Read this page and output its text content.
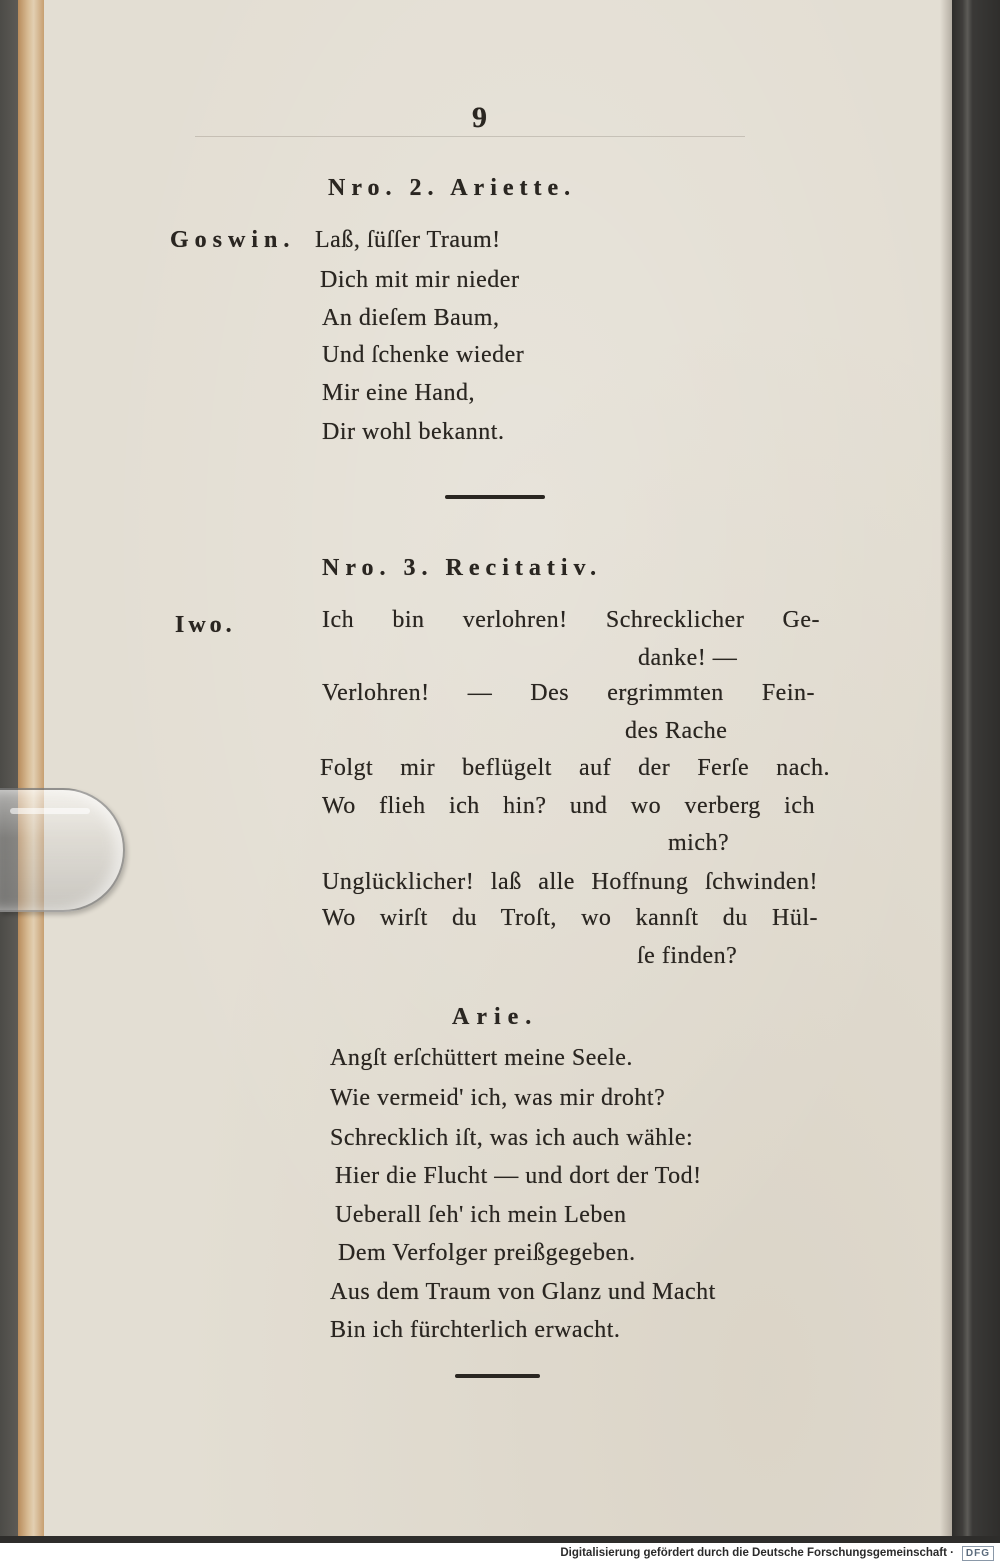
9
Nro. 2. Ariette.
Goswin. Laß, ſüſſer Traum!
Dich mit mir nieder
An dieſem Baum,
Und ſchenke wieder
Mir eine Hand,
Dir wohl bekannt.
Nro. 3. Recitativ.
Iwo.	Ich bin verlohren! Schrecklicher Ge-
danke! —
Verlohren! — Des ergrimmten Fein-
des Rache
Folgt mir beflügelt auf der Ferſe nach.
Wo flieh ich hin? und wo verberg ich
mich?
Unglücklicher! laß alle Hoffnung ſchwinden!
Wo wirſt du Troſt, wo kannſt du Hül-
ſe finden?
Arie.
Angſt erſchüttert meine Seele.
Wie vermeid' ich, was mir droht?
Schrecklich iſt, was ich auch wähle:
Hier die Flucht — und dort der Tod!
Ueberall ſeh' ich mein Leben
Dem Verfolger preißgegeben.
Aus dem Traum von Glanz und Macht
Bin ich fürchterlich erwacht.
Digitalisierung gefördert durch die Deutsche Forschungsgemeinschaft ·	DFG
